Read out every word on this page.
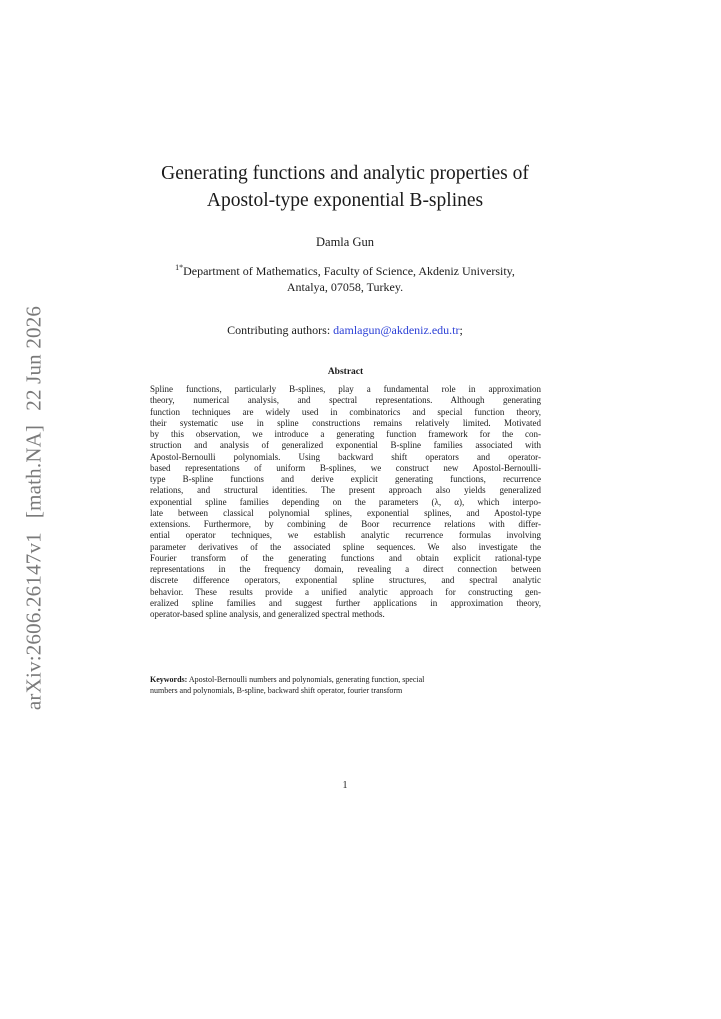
arXiv:2606.26147v1[math.NA]22 Jun 2026
Generating functions and analytic properties of
Apostol-type exponential B-splines
Damla Gun
$^{1*}$Department of Mathematics, Faculty of Science, Akdeniz University,
Antalya, 07058, Turkey.
Contributing authors: damlagun@akdeniz.edu.tr;
Abstract
Spline functions, particularly B-splines, play a fundamental role in approximation
theory, numerical analysis, and spectral representations. Although generating
function techniques are widely used in combinatorics and special function theory,
their systematic use in spline constructions remains relatively limited. Motivated
by this observation, we introduce a generating function framework for the con-
struction and analysis of generalized exponential B-spline families associated with
Apostol-Bernoulli polynomials. Using backward shift operators and operator-
based representations of uniform B-splines, we construct new Apostol-Bernoulli-
type B-spline functions and derive explicit generating functions, recurrence
relations, and structural identities. The present approach also yields generalized
exponential spline families depending on the parameters (λ, α), which interpo-
late between classical polynomial splines, exponential splines, and Apostol-type
extensions. Furthermore, by combining de Boor recurrence relations with differ-
ential operator techniques, we establish analytic recurrence formulas involving
parameter derivatives of the associated spline sequences. We also investigate the
Fourier transform of the generating functions and obtain explicit rational-type
representations in the frequency domain, revealing a direct connection between
discrete difference operators, exponential spline structures, and spectral analytic
behavior. These results provide a unified analytic approach for constructing gen-
eralized spline families and suggest further applications in approximation theory,
operator-based spline analysis, and generalized spectral methods.
Keywords: Apostol-Bernoulli numbers and polynomials, generating function, special
numbers and polynomials, B-spline, backward shift operator, fourier transform
1
